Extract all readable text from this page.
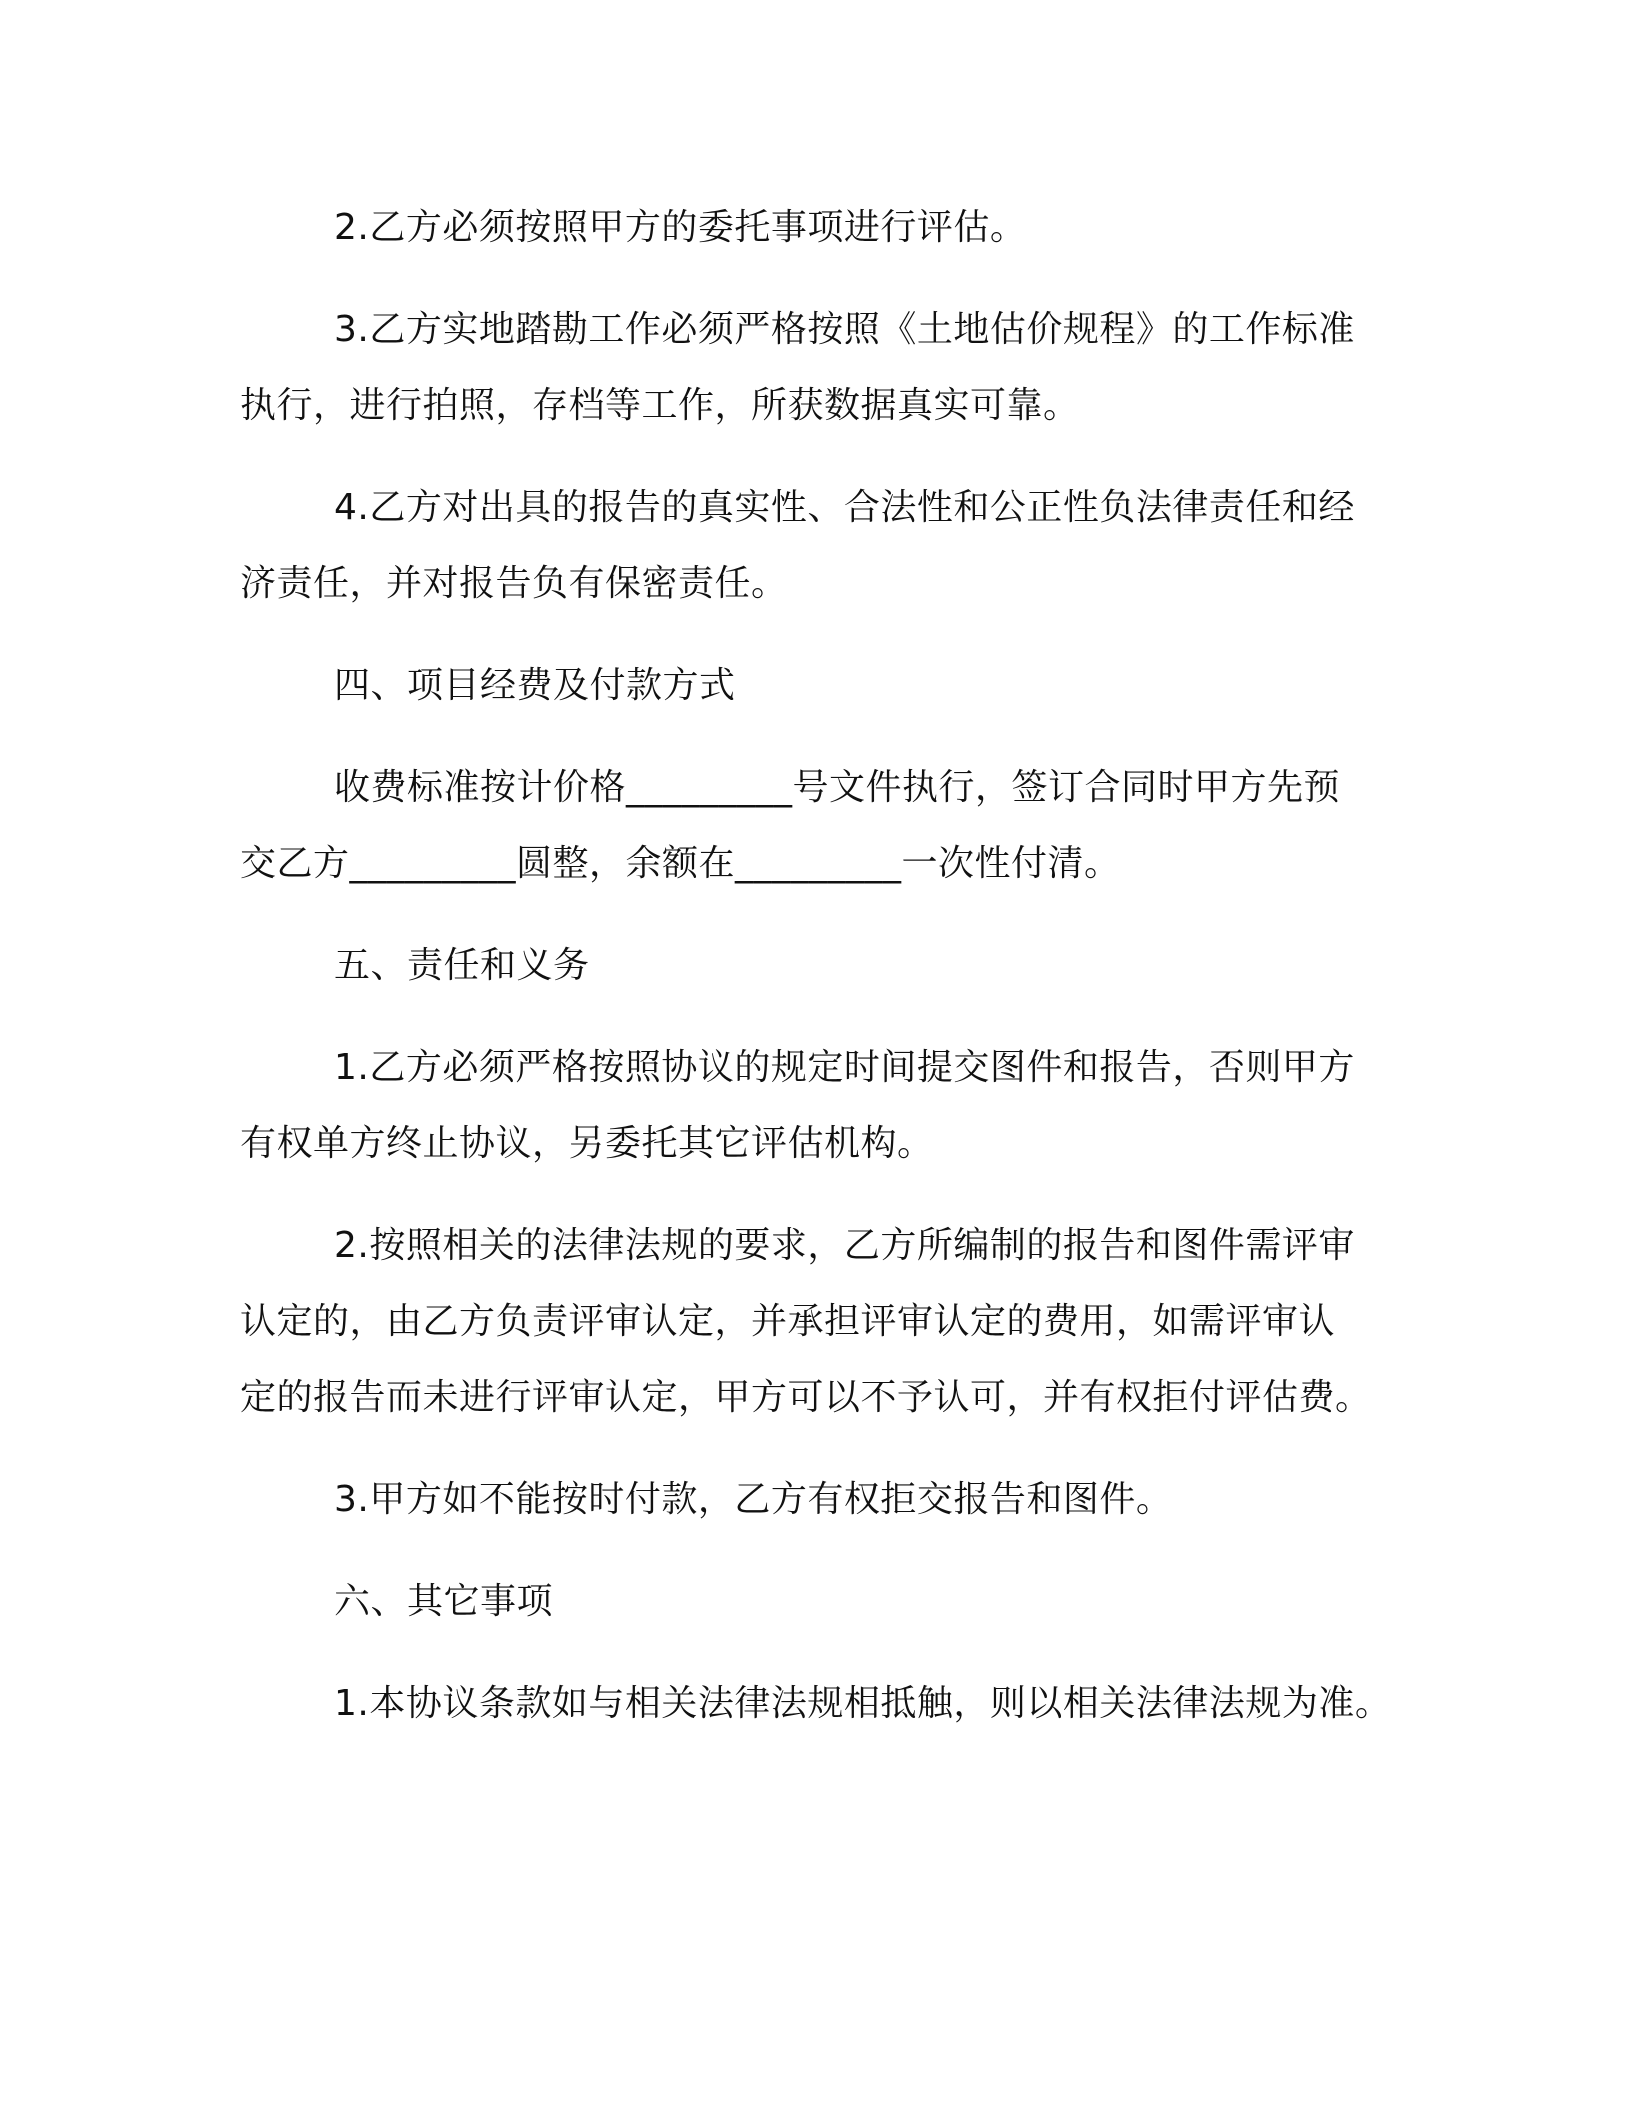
2.乙方必须按照甲方的委托事项进行评估。

3.乙方实地踏勘工作必须严格按照《土地估价规程》的工作标准
执行，进行拍照，存档等工作，所获数据真实可靠。

4.乙方对出具的报告的真实性、合法性和公正性负法律责任和经
济责任，并对报告负有保密责任。

四、项目经费及付款方式

收费标准按计价格_________号文件执行，签订合同时甲方先预
交乙方_________圆整，余额在_________一次性付清。

五、责任和义务

1.乙方必须严格按照协议的规定时间提交图件和报告，否则甲方
有权单方终止协议，另委托其它评估机构。

2.按照相关的法律法规的要求，乙方所编制的报告和图件需评审
认定的，由乙方负责评审认定，并承担评审认定的费用，如需评审认
定的报告而未进行评审认定，甲方可以不予认可，并有权拒付评估费。

3.甲方如不能按时付款，乙方有权拒交报告和图件。

六、其它事项

1.本协议条款如与相关法律法规相抵触，则以相关法律法规为准。
